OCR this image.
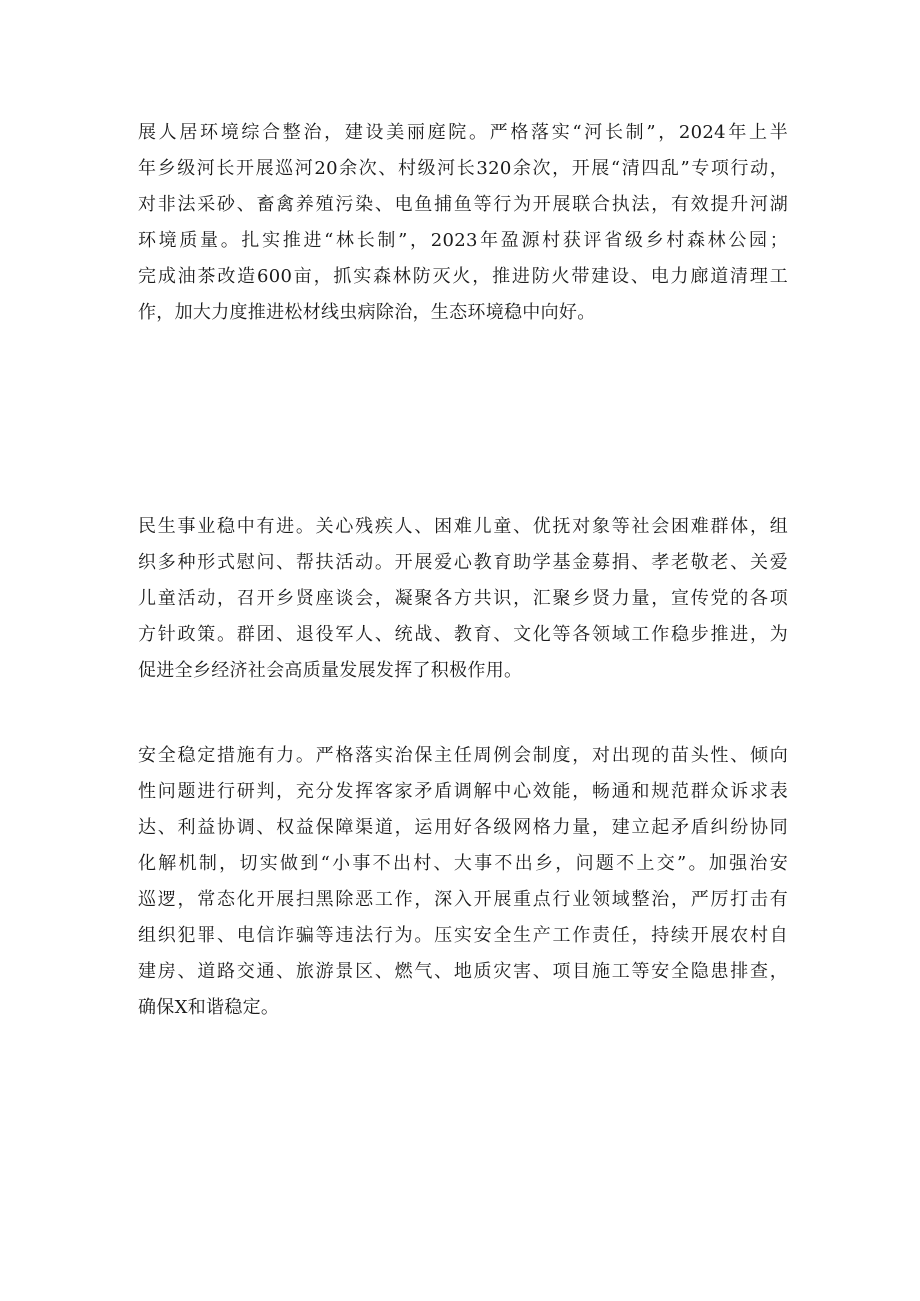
展人居环境综合整治，建设美丽庭院。严格落实“河长制”，2024年上半
年乡级河长开展巡河20余次、村级河长320余次，开展“清四乱”专项行动，
对非法采砂、畜禽养殖污染、电鱼捕鱼等行为开展联合执法，有效提升河湖
环境质量。扎实推进“林长制”，2023年盈源村获评省级乡村森林公园；
完成油茶改造600亩，抓实森林防灭火，推进防火带建设、电力廊道清理工
作，加大力度推进松材线虫病除治，生态环境稳中向好。
民生事业稳中有进。关心残疾人、困难儿童、优抚对象等社会困难群体，组
织多种形式慰问、帮扶活动。开展爱心教育助学基金募捐、孝老敬老、关爱
儿童活动，召开乡贤座谈会，凝聚各方共识，汇聚乡贤力量，宣传党的各项
方针政策。群团、退役军人、统战、教育、文化等各领域工作稳步推进，为
促进全乡经济社会高质量发展发挥了积极作用。
安全稳定措施有力。严格落实治保主任周例会制度，对出现的苗头性、倾向
性问题进行研判，充分发挥客家矛盾调解中心效能，畅通和规范群众诉求表
达、利益协调、权益保障渠道，运用好各级网格力量，建立起矛盾纠纷协同
化解机制，切实做到“小事不出村、大事不出乡，问题不上交”。加强治安
巡逻，常态化开展扫黑除恶工作，深入开展重点行业领域整治，严厉打击有
组织犯罪、电信诈骗等违法行为。压实安全生产工作责任，持续开展农村自
建房、道路交通、旅游景区、燃气、地质灾害、项目施工等安全隐患排查，
确保X和谐稳定。
